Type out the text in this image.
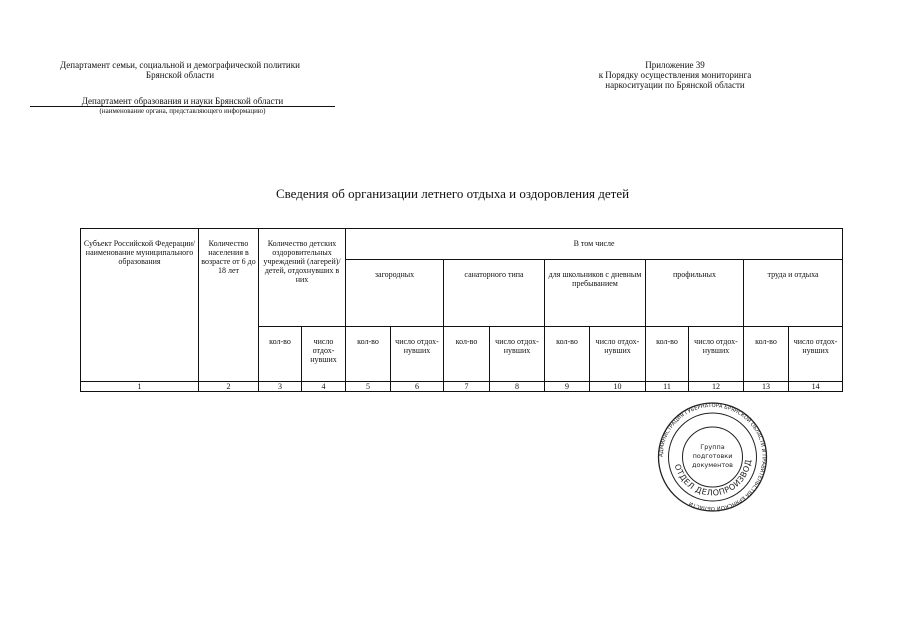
Департамент семьи, социальной и демографической политики
Брянской области
Департамент образования и науки Брянской области
(наименование органа, представляющего информацию)
Приложение 39
к Порядку осуществления мониторинга
наркоситуации по Брянской области
Сведения об организации летнего отдыха и оздоровления детей
Субъект Российской Федерации/ наименование муниципального образования	Количество населения в возрасте от 6 до 18 лет	Количество детских оздоровительных учреждений (лагерей)/ детей, отдохнувших в них		В том числе									
				загородных		санаторного типа		для школьников с дневным пребыванием		профильных		труда и отдыха	
		кол-во	число отдох-нувших	кол-во	число отдох-нувших	кол-во	число отдох-нувших	кол-во	число отдох-нувших	кол-во	число отдох-нувших	кол-во	число отдох-нувших
1	2	3	4	5	6	7	8	9	10	11	12	13	14
АДМИНИСТРАЦИЯ ГУБЕРНАТОРА БРЯНСКОЙ ОБЛАСТИ И ПРАВИТЕЛЬСТВА БРЯНСКОЙ ОБЛАСТИ
ОТДЕЛ ДЕЛОПРОИЗВОД
Группа
подготовки
документов
